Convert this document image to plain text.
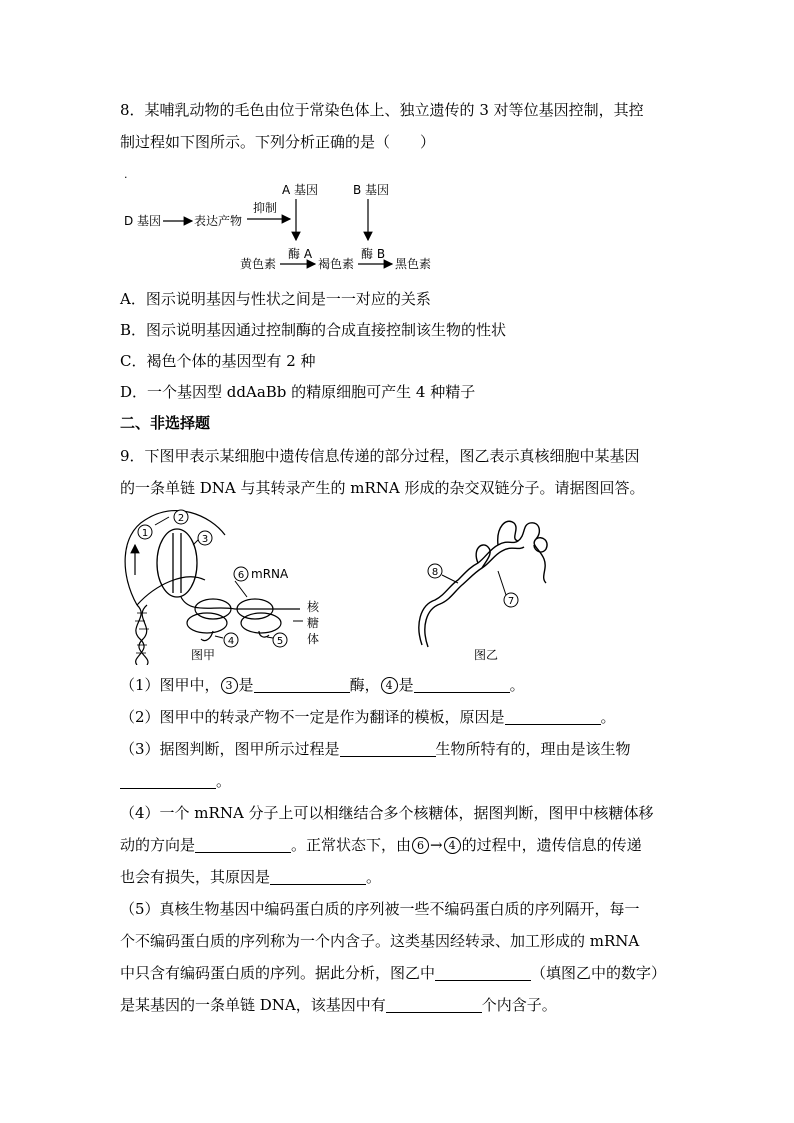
8．某哺乳动物的毛色由位于常染色体上、独立遗传的 3 对等位基因控制，其控
制过程如下图所示。下列分析正确的是（　　）
.
D 基因	表达产物
抑制
A 基因	B 基因
黄色素
酶 A
褐色素
酶 B
黑色素
A．图示说明基因与性状之间是一一对应的关系
B．图示说明基因通过控制酶的合成直接控制该生物的性状
C．褐色个体的基因型有 2 种
D．一个基因型 ddAaBb 的精原细胞可产生 4 种精子
二、非选择题
9．下图甲表示某细胞中遗传信息传递的部分过程，图乙表示真核细胞中某基因
的一条单链 DNA 与其转录产生的 mRNA 形成的杂交双链分子。请据图回答。
1
2
3
6
4	5
mRNA
核
糖
体
图甲
8
7
图乙
（1）图甲中， 3 是	酶， 4 是	。
（2）图甲中的转录产物不一定是作为翻译的模板，原因是	。
（3）据图判断，图甲所示过程是	生物所特有的，理由是该生物
。
（4）一个 mRNA 分子上可以相继结合多个核糖体，据图判断，图甲中核糖体移
动的方向是	。正常状态下，由 6 → 4 的过程中，遗传信息的传递
也会有损失，其原因是	。
（5）真核生物基因中编码蛋白质的序列被一些不编码蛋白质的序列隔开，每一
个不编码蛋白质的序列称为一个内含子。这类基因经转录、加工形成的 mRNA
中只含有编码蛋白质的序列。据此分析，图乙中	（填图乙中的数字）
是某基因的一条单链 DNA，该基因中有	个内含子。
